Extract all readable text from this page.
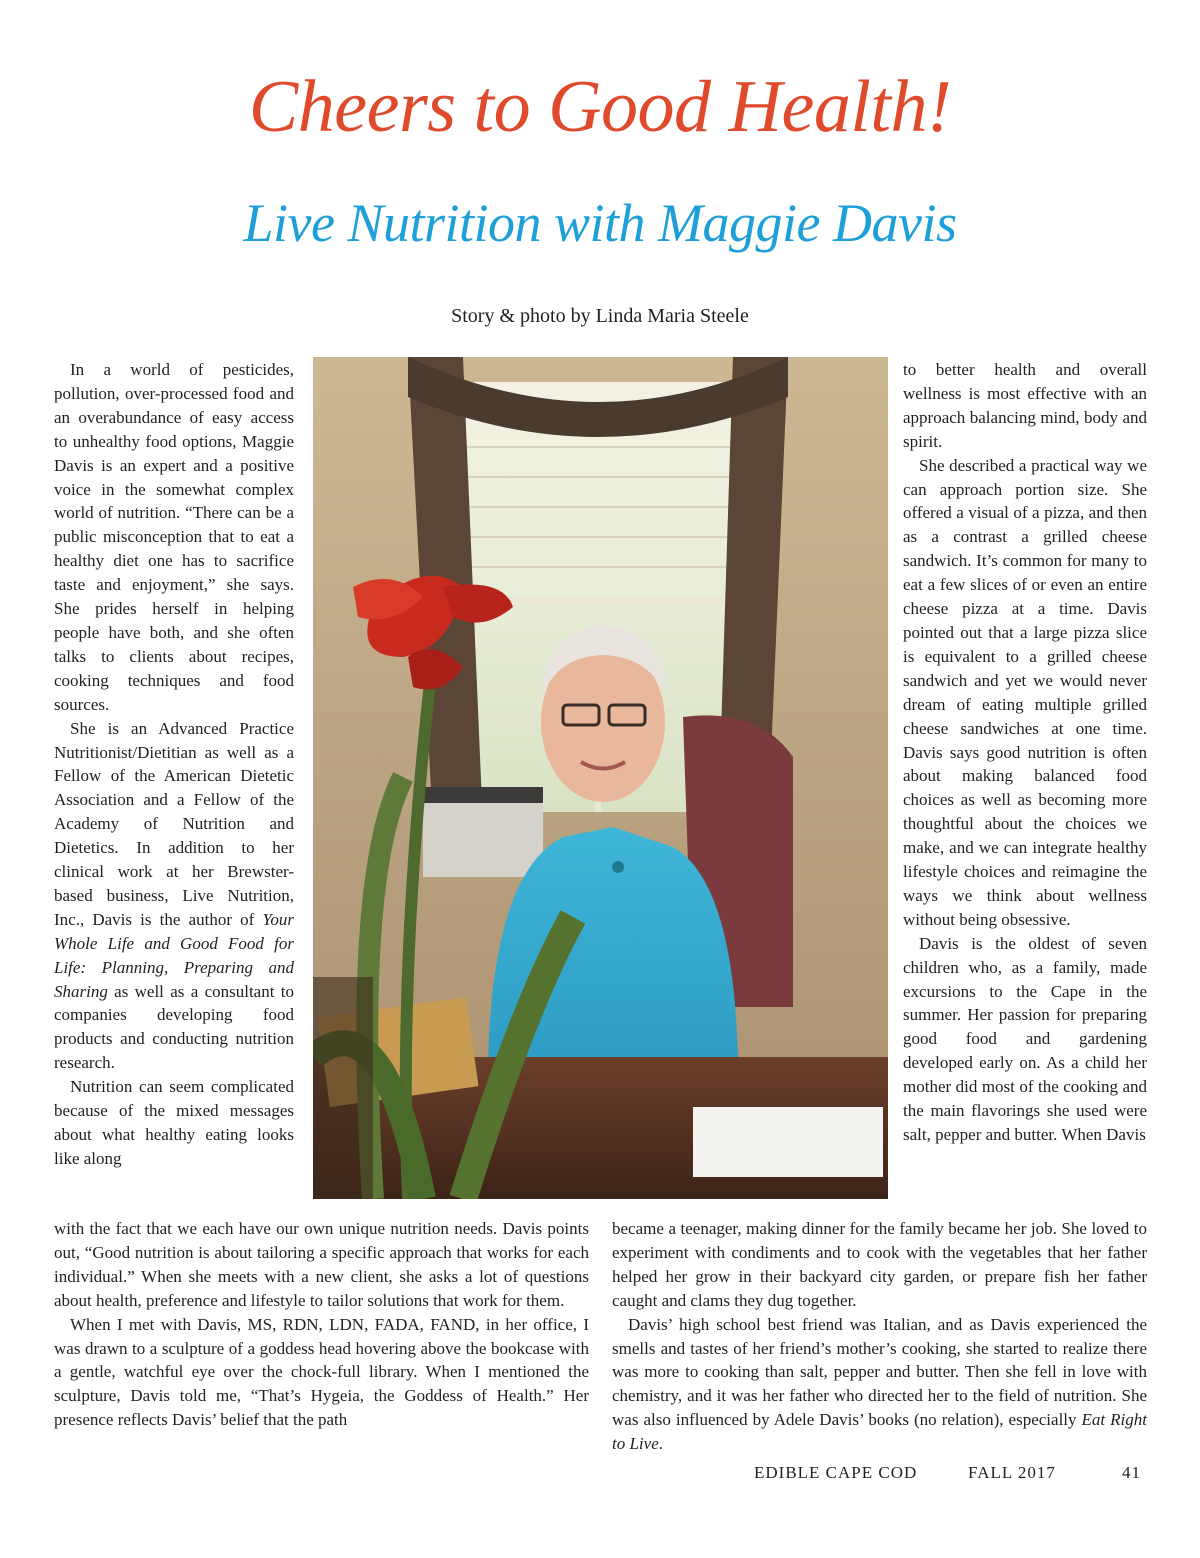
Cheers to Good Health!
Live Nutrition with Maggie Davis
Story & photo by Linda Maria Steele

In a world of pesticides, pollution, over-processed food and an overabundance of easy access to unhealthy food options, Maggie Davis is an expert and a positive voice in the somewhat complex world of nutrition. “There can be a public misconception that to eat a healthy diet one has to sacrifice taste and enjoyment,” she says. She prides herself in helping people have both, and she often talks to clients about recipes, cooking techniques and food sources.

She is an Advanced Practice Nutritionist/Dietitian as well as a Fellow of the American Dietetic Association and a Fellow of the Academy of Nutrition and Dietetics. In addition to her clinical work at her Brewster-based business, Live Nutrition, Inc., Davis is the author of Your Whole Life and Good Food for Life: Planning, Preparing and Sharing as well as a consultant to companies developing food products and conducting nutrition research.

Nutrition can seem complicated because of the mixed messages about what healthy eating looks like along

to better health and overall wellness is most effective with an approach balancing mind, body and spirit.

She described a practical way we can approach portion size. She offered a visual of a pizza, and then as a contrast a grilled cheese sandwich. It’s common for many to eat a few slices of or even an entire cheese pizza at a time. Davis pointed out that a large pizza slice is equivalent to a grilled cheese sandwich and yet we would never dream of eating multiple grilled cheese sandwiches at one time. Davis says good nutrition is often about making balanced food choices as well as becoming more thoughtful about the choices we make, and we can integrate healthy lifestyle choices and reimagine the ways we think about wellness without being obsessive.

Davis is the oldest of seven children who, as a family, made excursions to the Cape in the summer. Her passion for preparing good food and gardening developed early on. As a child her mother did most of the cooking and the main flavorings she used were salt, pepper and butter. When Davis

with the fact that we each have our own unique nutrition needs. Davis points out, “Good nutrition is about tailoring a specific approach that works for each individual.” When she meets with a new client, she asks a lot of questions about health, preference and lifestyle to tailor solutions that work for them.

When I met with Davis, MS, RDN, LDN, FADA, FAND, in her office, I was drawn to a sculpture of a goddess head hovering above the bookcase with a gentle, watchful eye over the chock-full library. When I mentioned the sculpture, Davis told me, “That’s Hygeia, the Goddess of Health.” Her presence reflects Davis’ belief that the path

became a teenager, making dinner for the family became her job. She loved to experiment with condiments and to cook with the vegetables that her father helped her grow in their backyard city garden, or prepare fish her father caught and clams they dug together.

Davis’ high school best friend was Italian, and as Davis experienced the smells and tastes of her friend’s mother’s cooking, she started to realize there was more to cooking than salt, pepper and butter. Then she fell in love with chemistry, and it was her father who directed her to the field of nutrition. She was also influenced by Adele Davis’ books (no relation), especially Eat Right to Live.

EDIBLE CAPE COD	FALL 2017	41
